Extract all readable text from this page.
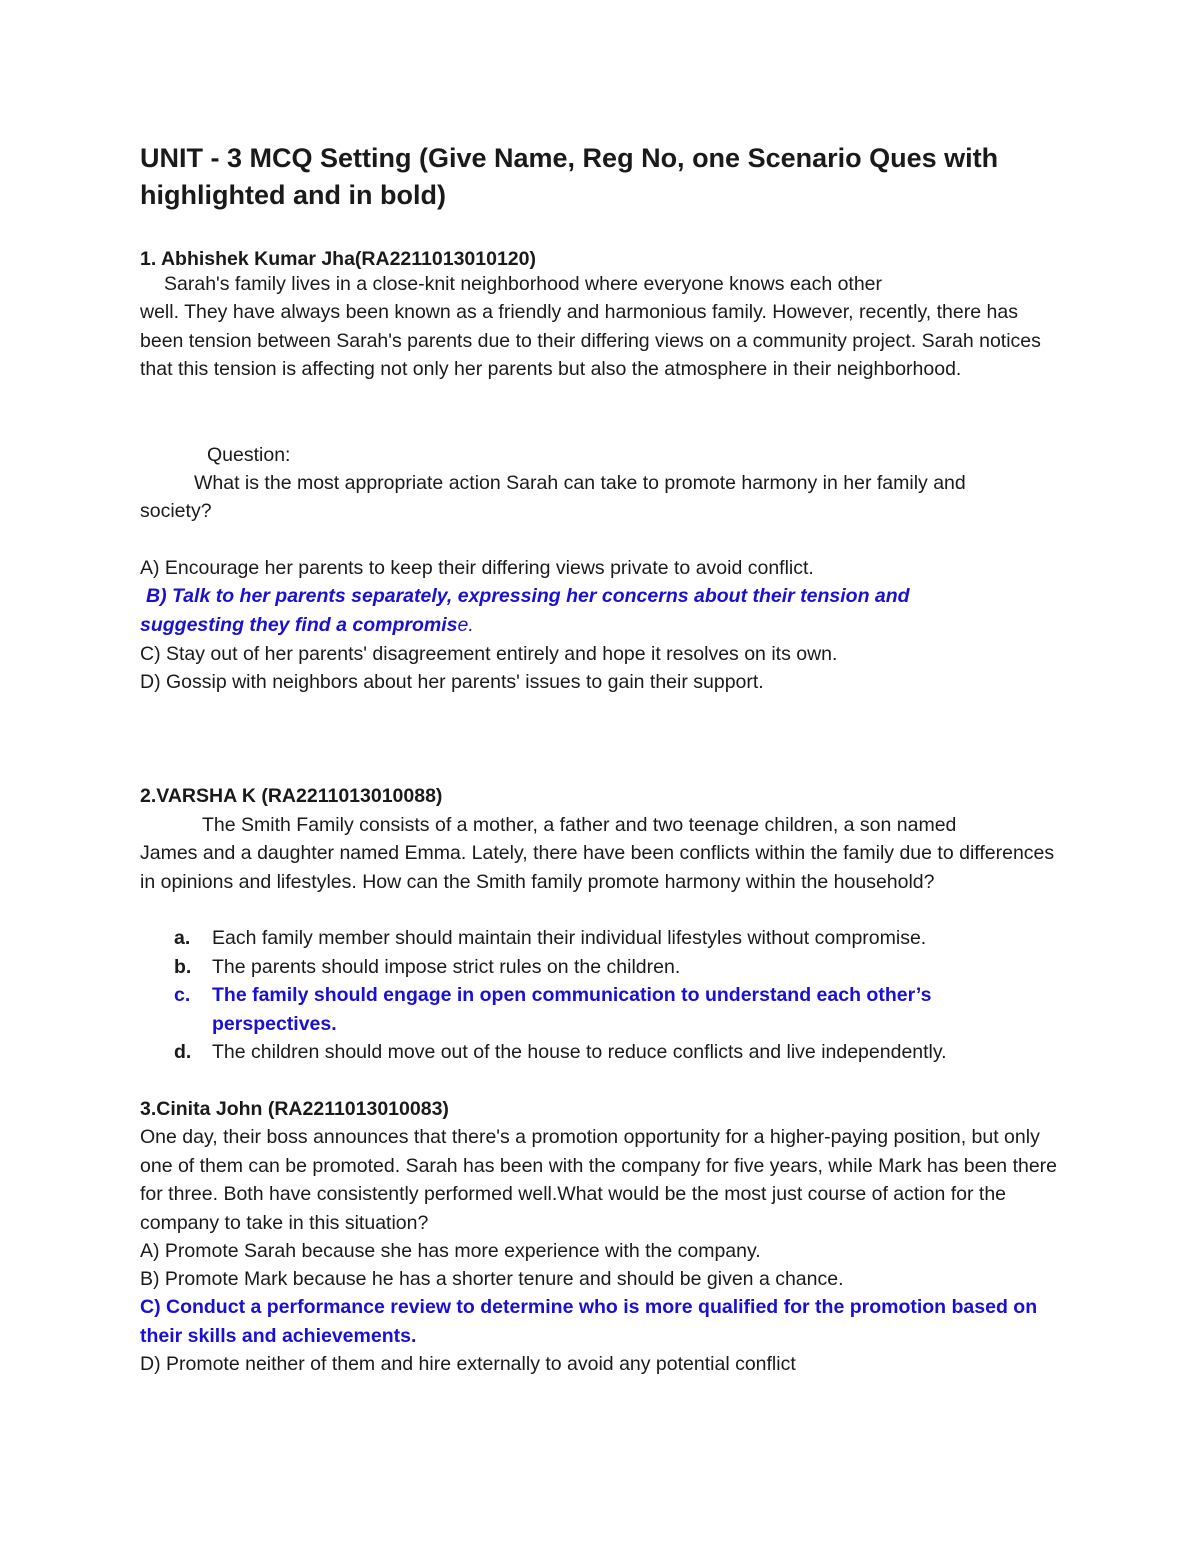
UNIT - 3 MCQ Setting (Give Name, Reg No, one Scenario Ques with highlighted and in bold)

1. Abhishek Kumar Jha(RA2211013010120)

Sarah's family lives in a close-knit neighborhood where everyone knows each other

well. They have always been known as a friendly and harmonious family. However, recently, there has been tension between Sarah's parents due to their differing views on a community project. Sarah notices that this tension is affecting not only her parents but also the atmosphere in their neighborhood.

Question:

What is the most appropriate action Sarah can take to promote harmony in her family and

society?

A) Encourage her parents to keep their differing views private to avoid conflict.

B) Talk to her parents separately, expressing her concerns about their tension and

suggesting they find a compromise.

C) Stay out of her parents' disagreement entirely and hope it resolves on its own.

D) Gossip with neighbors about her parents' issues to gain their support.

2.VARSHA K (RA2211013010088)

The Smith Family consists of a mother, a father and two teenage children, a son named

James and a daughter named Emma. Lately, there have been conflicts within the family due to differences in opinions and lifestyles. How can the Smith family promote harmony within the household?

a. Each family member should maintain their individual lifestyles without compromise.
b. The parents should impose strict rules on the children.
c. The family should engage in open communication to understand each other’s perspectives.
d. The children should move out of the house to reduce conflicts and live independently.

3.Cinita John (RA2211013010083)

One day, their boss announces that there's a promotion opportunity for a higher-paying position, but only one of them can be promoted. Sarah has been with the company for five years, while Mark has been there for three. Both have consistently performed well.What would be the most just course of action for the company to take in this situation?

A) Promote Sarah because she has more experience with the company.

B) Promote Mark because he has a shorter tenure and should be given a chance.

C) Conduct a performance review to determine who is more qualified for the promotion based on their skills and achievements.

D) Promote neither of them and hire externally to avoid any potential conflict
